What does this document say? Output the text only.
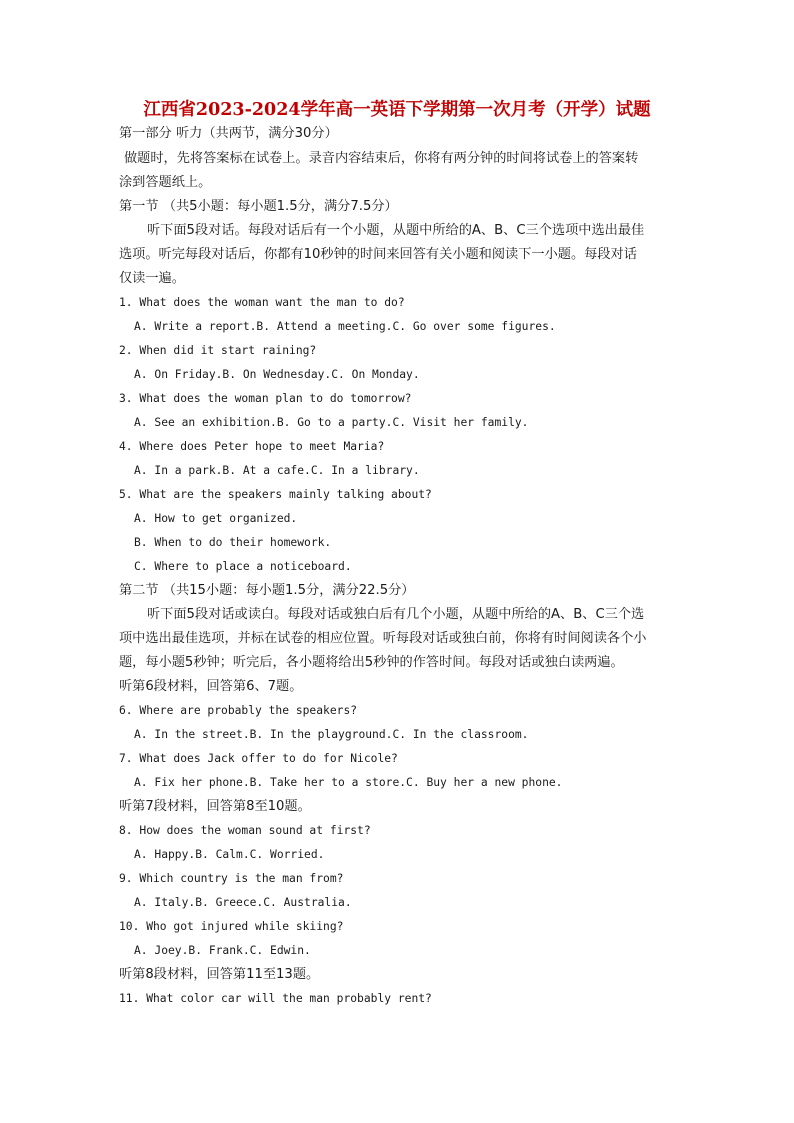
江西省2023-2024学年高一英语下学期第一次月考（开学）试题
第一部分 听力（共两节，满分30分）
做题时，先将答案标在试卷上。录音内容结束后，你将有两分钟的时间将试卷上的答案转
涂到答题纸上。
第一节 （共5小题：每小题1.5分，满分7.5分）
听下面5段对话。每段对话后有一个小题，从题中所给的A、B、C三个选项中选出最佳
选项。听完每段对话后，你都有10秒钟的时间来回答有关小题和阅读下一小题。每段对话
仅读一遍。
1. What does the woman want the man to do?
A. Write a report.B. Attend a meeting.C. Go over some figures.
2. When did it start raining?
A. On Friday.B. On Wednesday.C. On Monday.
3. What does the woman plan to do tomorrow?
A. See an exhibition.B. Go to a party.C. Visit her family.
4. Where does Peter hope to meet Maria?
A. In a park.B. At a cafe.C. In a library.
5. What are the speakers mainly talking about?
A. How to get organized.
B. When to do their homework.
C. Where to place a noticeboard.
第二节 （共15小题：每小题1.5分，满分22.5分）
听下面5段对话或读白。每段对话或独白后有几个小题，从题中所给的A、B、C三个选
项中选出最佳选项，并标在试卷的相应位置。听每段对话或独白前，你将有时间阅读各个小
题，每小题5秒钟；听完后，各小题将给出5秒钟的作答时间。每段对话或独白读两遍。
听第6段材料，回答第6、7题。
6. Where are probably the speakers?
A. In the street.B. In the playground.C. In the classroom.
7. What does Jack offer to do for Nicole?
A. Fix her phone.B. Take her to a store.C. Buy her a new phone.
听第7段材料，回答第8至10题。
8. How does the woman sound at first?
A. Happy.B. Calm.C. Worried.
9. Which country is the man from?
A. Italy.B. Greece.C. Australia.
10. Who got injured while skiing?
A. Joey.B. Frank.C. Edwin.
听第8段材料，回答第11至13题。
11. What color car will the man probably rent?
